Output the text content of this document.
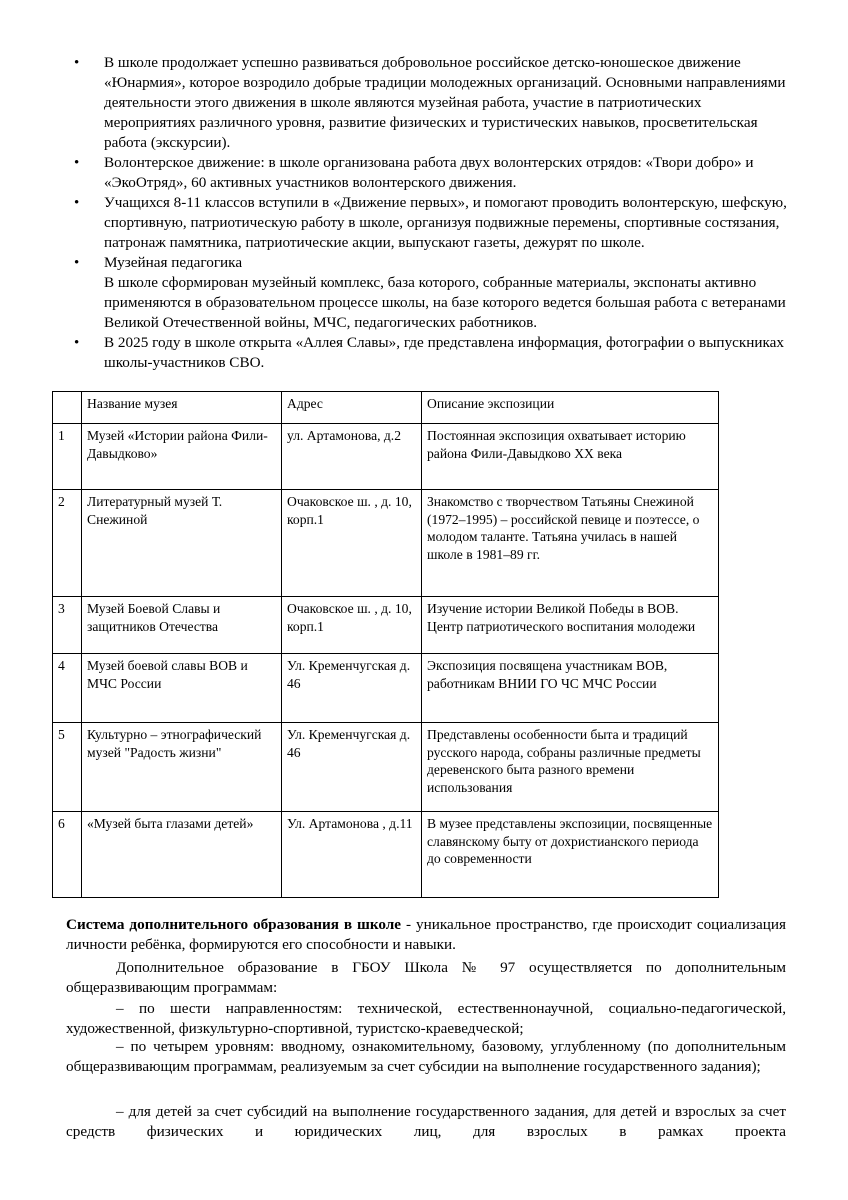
• В школе продолжает успешно развиваться добровольное российское детско-юношеское движение «Юнармия», которое возродило добрые традиции молодежных организаций. Основными направлениями деятельности этого движения в школе являются музейная работа, участие в патриотических мероприятиях различного уровня, развитие физических и туристических навыков, просветительская работа (экскурсии).
• Волонтерское движение: в школе организована работа двух волонтерских отрядов: «Твори добро» и «ЭкоОтряд», 60 активных участников волонтерского движения.
• Учащихся 8-11 классов вступили в «Движение первых», и помогают проводить волонтерскую, шефскую, спортивную, патриотическую работу в школе, организуя подвижные перемены, спортивные состязания, патронаж памятника, патриотические акции, выпускают газеты, дежурят по школе.
• Музейная педагогика
В школе сформирован музейный комплекс, база которого, собранные материалы, экспонаты активно применяются в образовательном процессе школы, на базе которого ведется большая работа с ветеранами Великой Отечественной войны, МЧС, педагогических работников.
• В 2025 году в школе открыта «Аллея Славы», где представлена информация, фотографии о выпускниках школы-участников СВО.
	Название музея	Адрес	Описание экспозиции
1	Музей «Истории района Фили-Давыдково»	ул. Артамонова, д.2	Постоянная экспозиция охватывает историю района Фили-Давыдково XX века
2	Литературный музей Т. Снежиной	Очаковское ш. , д. 10, корп.1	Знакомство с творчеством Татьяны Снежиной (1972–1995) – российской певице и поэтессе, о молодом таланте. Татьяна училась в нашей школе в 1981–89 гг.
3	Музей Боевой Славы и защитников Отечества	Очаковское ш. , д. 10, корп.1	Изучение истории Великой Победы в ВОВ. Центр патриотического воспитания молодежи
4	Музей боевой славы ВОВ и МЧС России	Ул. Кременчугская д. 46	Экспозиция посвящена участникам ВОВ, работникам ВНИИ ГО ЧС МЧС России
5	Культурно – этнографический музей "Радость жизни"	Ул. Кременчугская д. 46	Представлены особенности быта и традиций русского народа, собраны различные предметы деревенского быта разного времени использования
6	«Музей быта глазами детей»	Ул. Артамонова , д.11	В музее представлены экспозиции, посвященные славянскому быту от дохристианского периода до современности

Система дополнительного образования в школе - уникальное пространство, где происходит социализация личности ребёнка, формируются его способности и навыки.

Дополнительное образование в ГБОУ Школа № 97 осуществляется по дополнительным общеразвивающим программам:

– по шести направленностям: технической, естественнонаучной, социально-педагогической, художественной, физкультурно-спортивной, туристско-краеведческой;

– по четырем уровням: вводному, ознакомительному, базовому, углубленному (по дополнительным общеразвивающим программам, реализуемым за счет субсидии на выполнение государственного задания);

– для детей за счет субсидий на выполнение государственного задания, для детей и взрослых за счет средств физических и юридических лиц, для взрослых в рамках проекта
